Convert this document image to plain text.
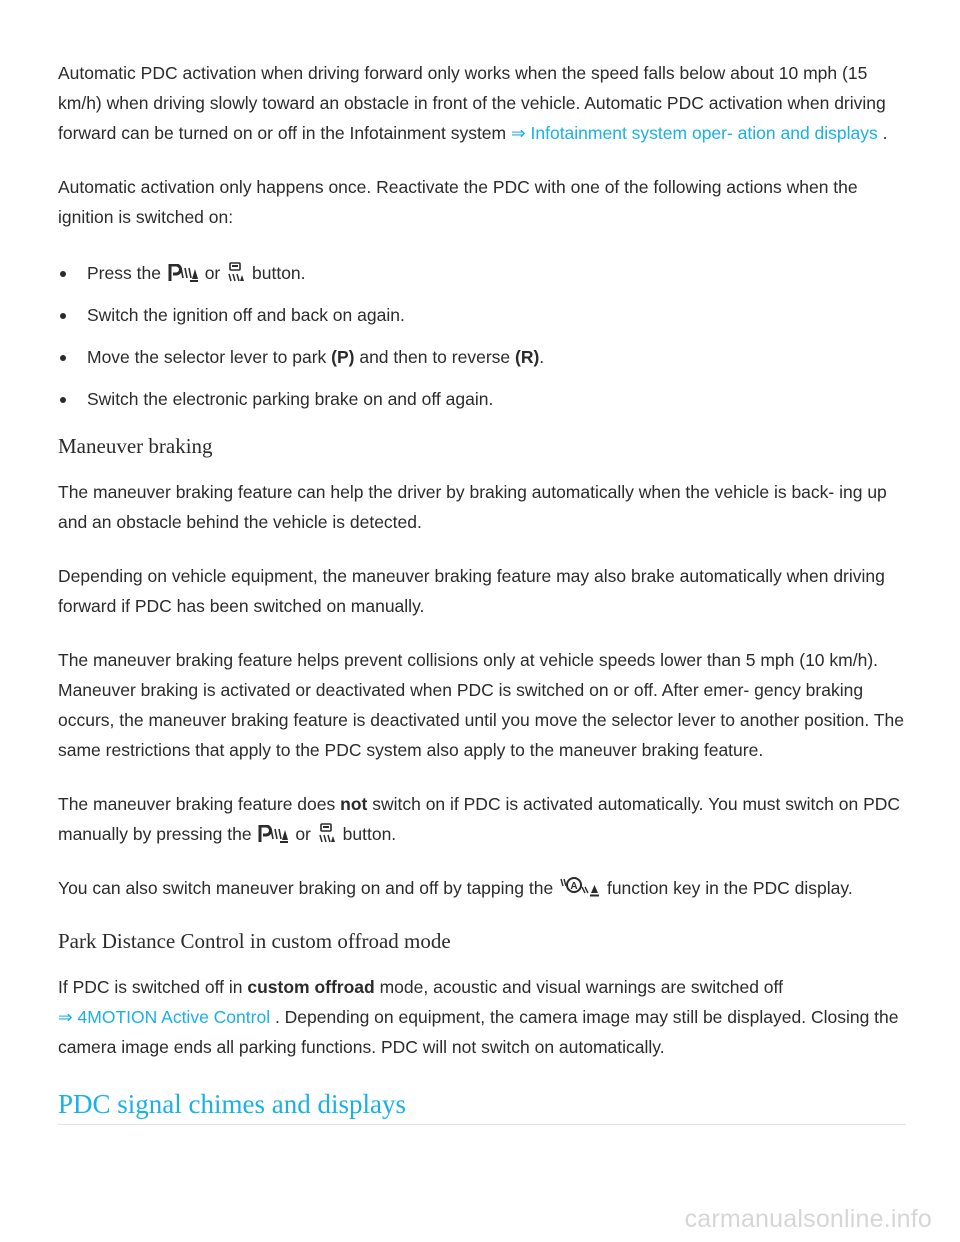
Automatic PDC activation when driving forward only works when the speed falls below about 10 mph (15 km/h) when driving slowly toward an obstacle in front of the vehicle. Automatic PDC activation when driving forward can be turned on or off in the Infotainment system ⇒ Infotainment system oper- ation and displays .

Automatic activation only happens once. Reactivate the PDC with one of the following actions when the ignition is switched on:

Press the	or button.
Switch the ignition off and back on again.
Move the selector lever to park (P) and then to reverse (R).
Switch the electronic parking brake on and off again.
Maneuver braking

The maneuver braking feature can help the driver by braking automatically when the vehicle is back- ing up and an obstacle behind the vehicle is detected.

Depending on vehicle equipment, the maneuver braking feature may also brake automatically when driving forward if PDC has been switched on manually.

The maneuver braking feature helps prevent collisions only at vehicle speeds lower than 5 mph (10 km/h). Maneuver braking is activated or deactivated when PDC is switched on or off. After emer- gency braking occurs, the maneuver braking feature is deactivated until you move the selector lever to another position. The same restrictions that apply to the PDC system also apply to the maneuver braking feature.

The maneuver braking feature does not switch on if PDC is activated automatically. You must switch on PDC manually by pressing the	or button.

You can also switch maneuver braking on and off by tapping the A function key in the PDC display.

Park Distance Control in custom offroad mode

If PDC is switched off in custom offroad mode, acoustic and visual warnings are switched off
⇒ 4MOTION Active Control . Depending on equipment, the camera image may still be displayed. Closing the camera image ends all parking functions. PDC will not switch on automatically.

PDC signal chimes and displays
carmanualsonline.info
